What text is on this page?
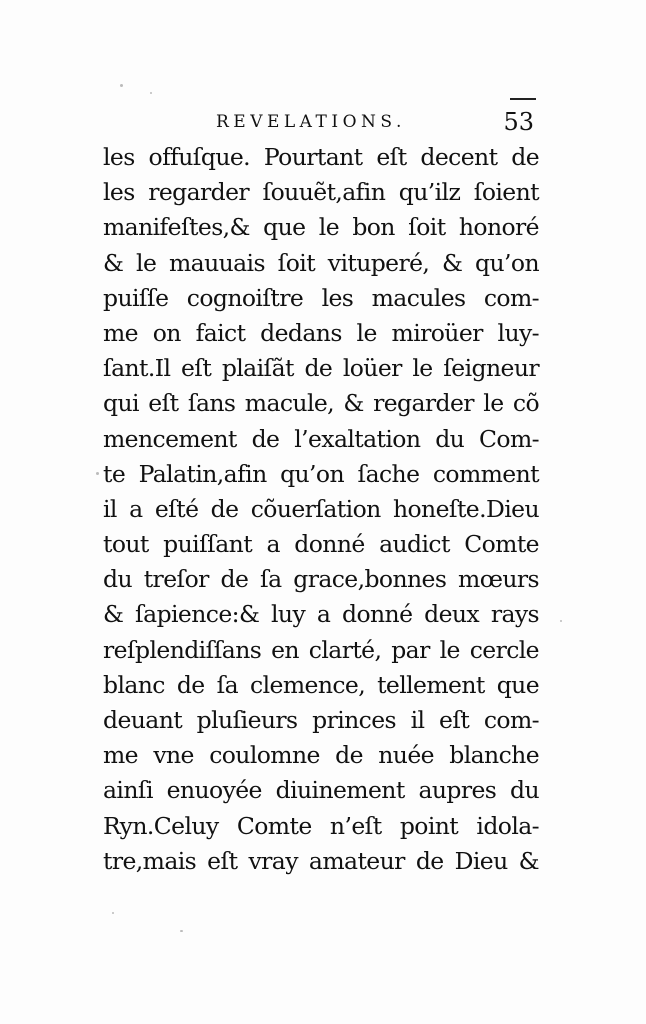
REVELATIONS.	53
les offuſque. Pourtant eſt decent de
les regarder ſouuẽt,afin qu’ilz ſoient
manifeſtes,& que le bon ſoit honoré
& le mauuais ſoit vituperé, & qu’on
puiſſe cognoiſtre les macules com-
me on faict dedans le miroüer luy-
ſant.Il eſt plaiſãt de loüer le ſeigneur
qui eſt ſans macule, & regarder le cõ
mencement de l’exaltation du Com-
te Palatin,afin qu’on ſache comment
il a eſté de cõuerſation honeſte.Dieu
tout puiſſant a donné audict Comte
du treſor de ſa grace,bonnes mœurs
& ſapience:& luy a donné deux rays
reſplendiſſans en clarté, par le cercle
blanc de ſa clemence, tellement que
deuant pluſieurs princes il eſt com-
me vne coulomne de nuée blanche
ainſi enuoyée diuinement aupres du
Ryn.Celuy Comte n’eſt point idola-
tre,mais eſt vray amateur de Dieu &
